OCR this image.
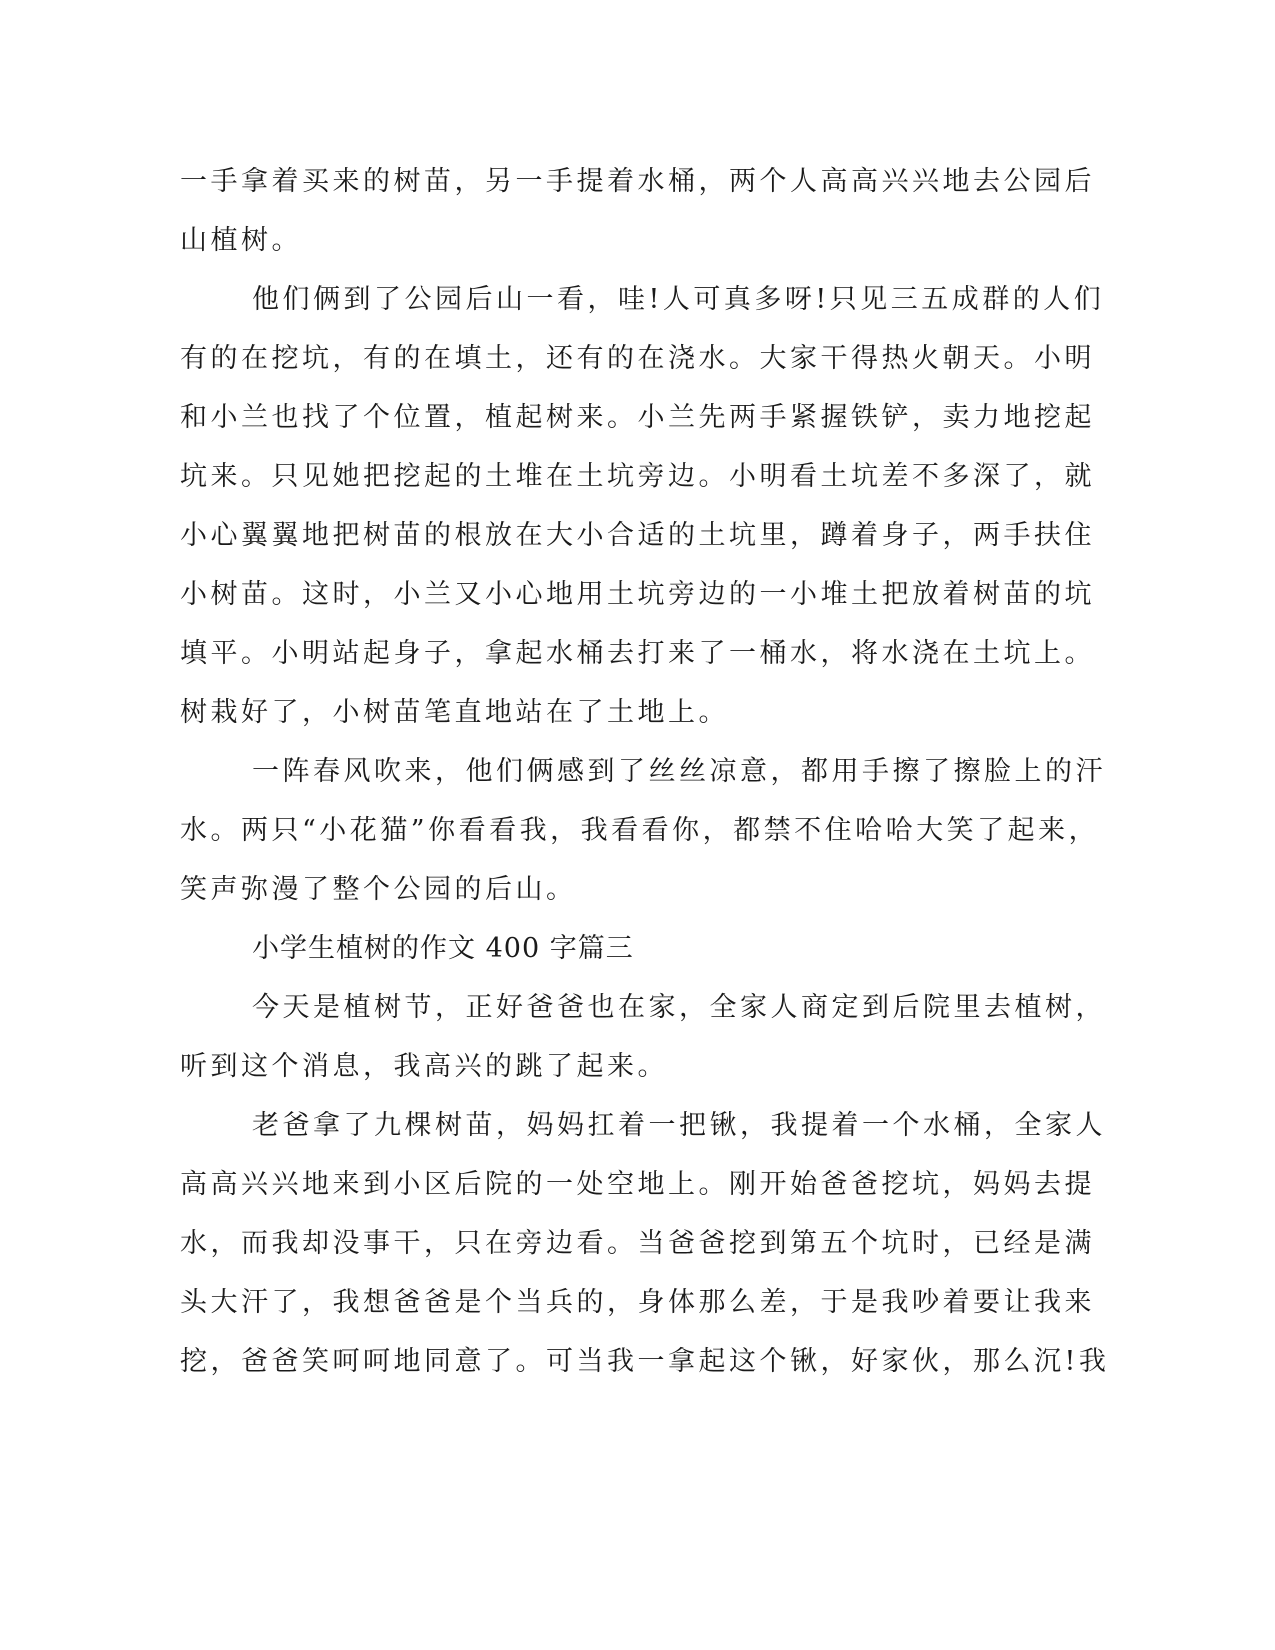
一手拿着买来的树苗，另一手提着水桶，两个人高高兴兴地去公园后
山植树。
他们俩到了公园后山一看，哇!人可真多呀!只见三五成群的人们
有的在挖坑，有的在填土，还有的在浇水。大家干得热火朝天。小明
和小兰也找了个位置，植起树来。小兰先两手紧握铁铲，卖力地挖起
坑来。只见她把挖起的土堆在土坑旁边。小明看土坑差不多深了，就
小心翼翼地把树苗的根放在大小合适的土坑里，蹲着身子，两手扶住
小树苗。这时，小兰又小心地用土坑旁边的一小堆土把放着树苗的坑
填平。小明站起身子，拿起水桶去打来了一桶水，将水浇在土坑上。
树栽好了，小树苗笔直地站在了土地上。
一阵春风吹来，他们俩感到了丝丝凉意，都用手擦了擦脸上的汗
水。两只“小花猫”你看看我，我看看你，都禁不住哈哈大笑了起来，
笑声弥漫了整个公园的后山。
小学生植树的作文 400 字篇三
今天是植树节，正好爸爸也在家，全家人商定到后院里去植树，
听到这个消息，我高兴的跳了起来。
老爸拿了九棵树苗，妈妈扛着一把锹，我提着一个水桶，全家人
高高兴兴地来到小区后院的一处空地上。刚开始爸爸挖坑，妈妈去提
水，而我却没事干，只在旁边看。当爸爸挖到第五个坑时，已经是满
头大汗了，我想爸爸是个当兵的，身体那么差，于是我吵着要让我来
挖，爸爸笑呵呵地同意了。可当我一拿起这个锹，好家伙，那么沉!我
